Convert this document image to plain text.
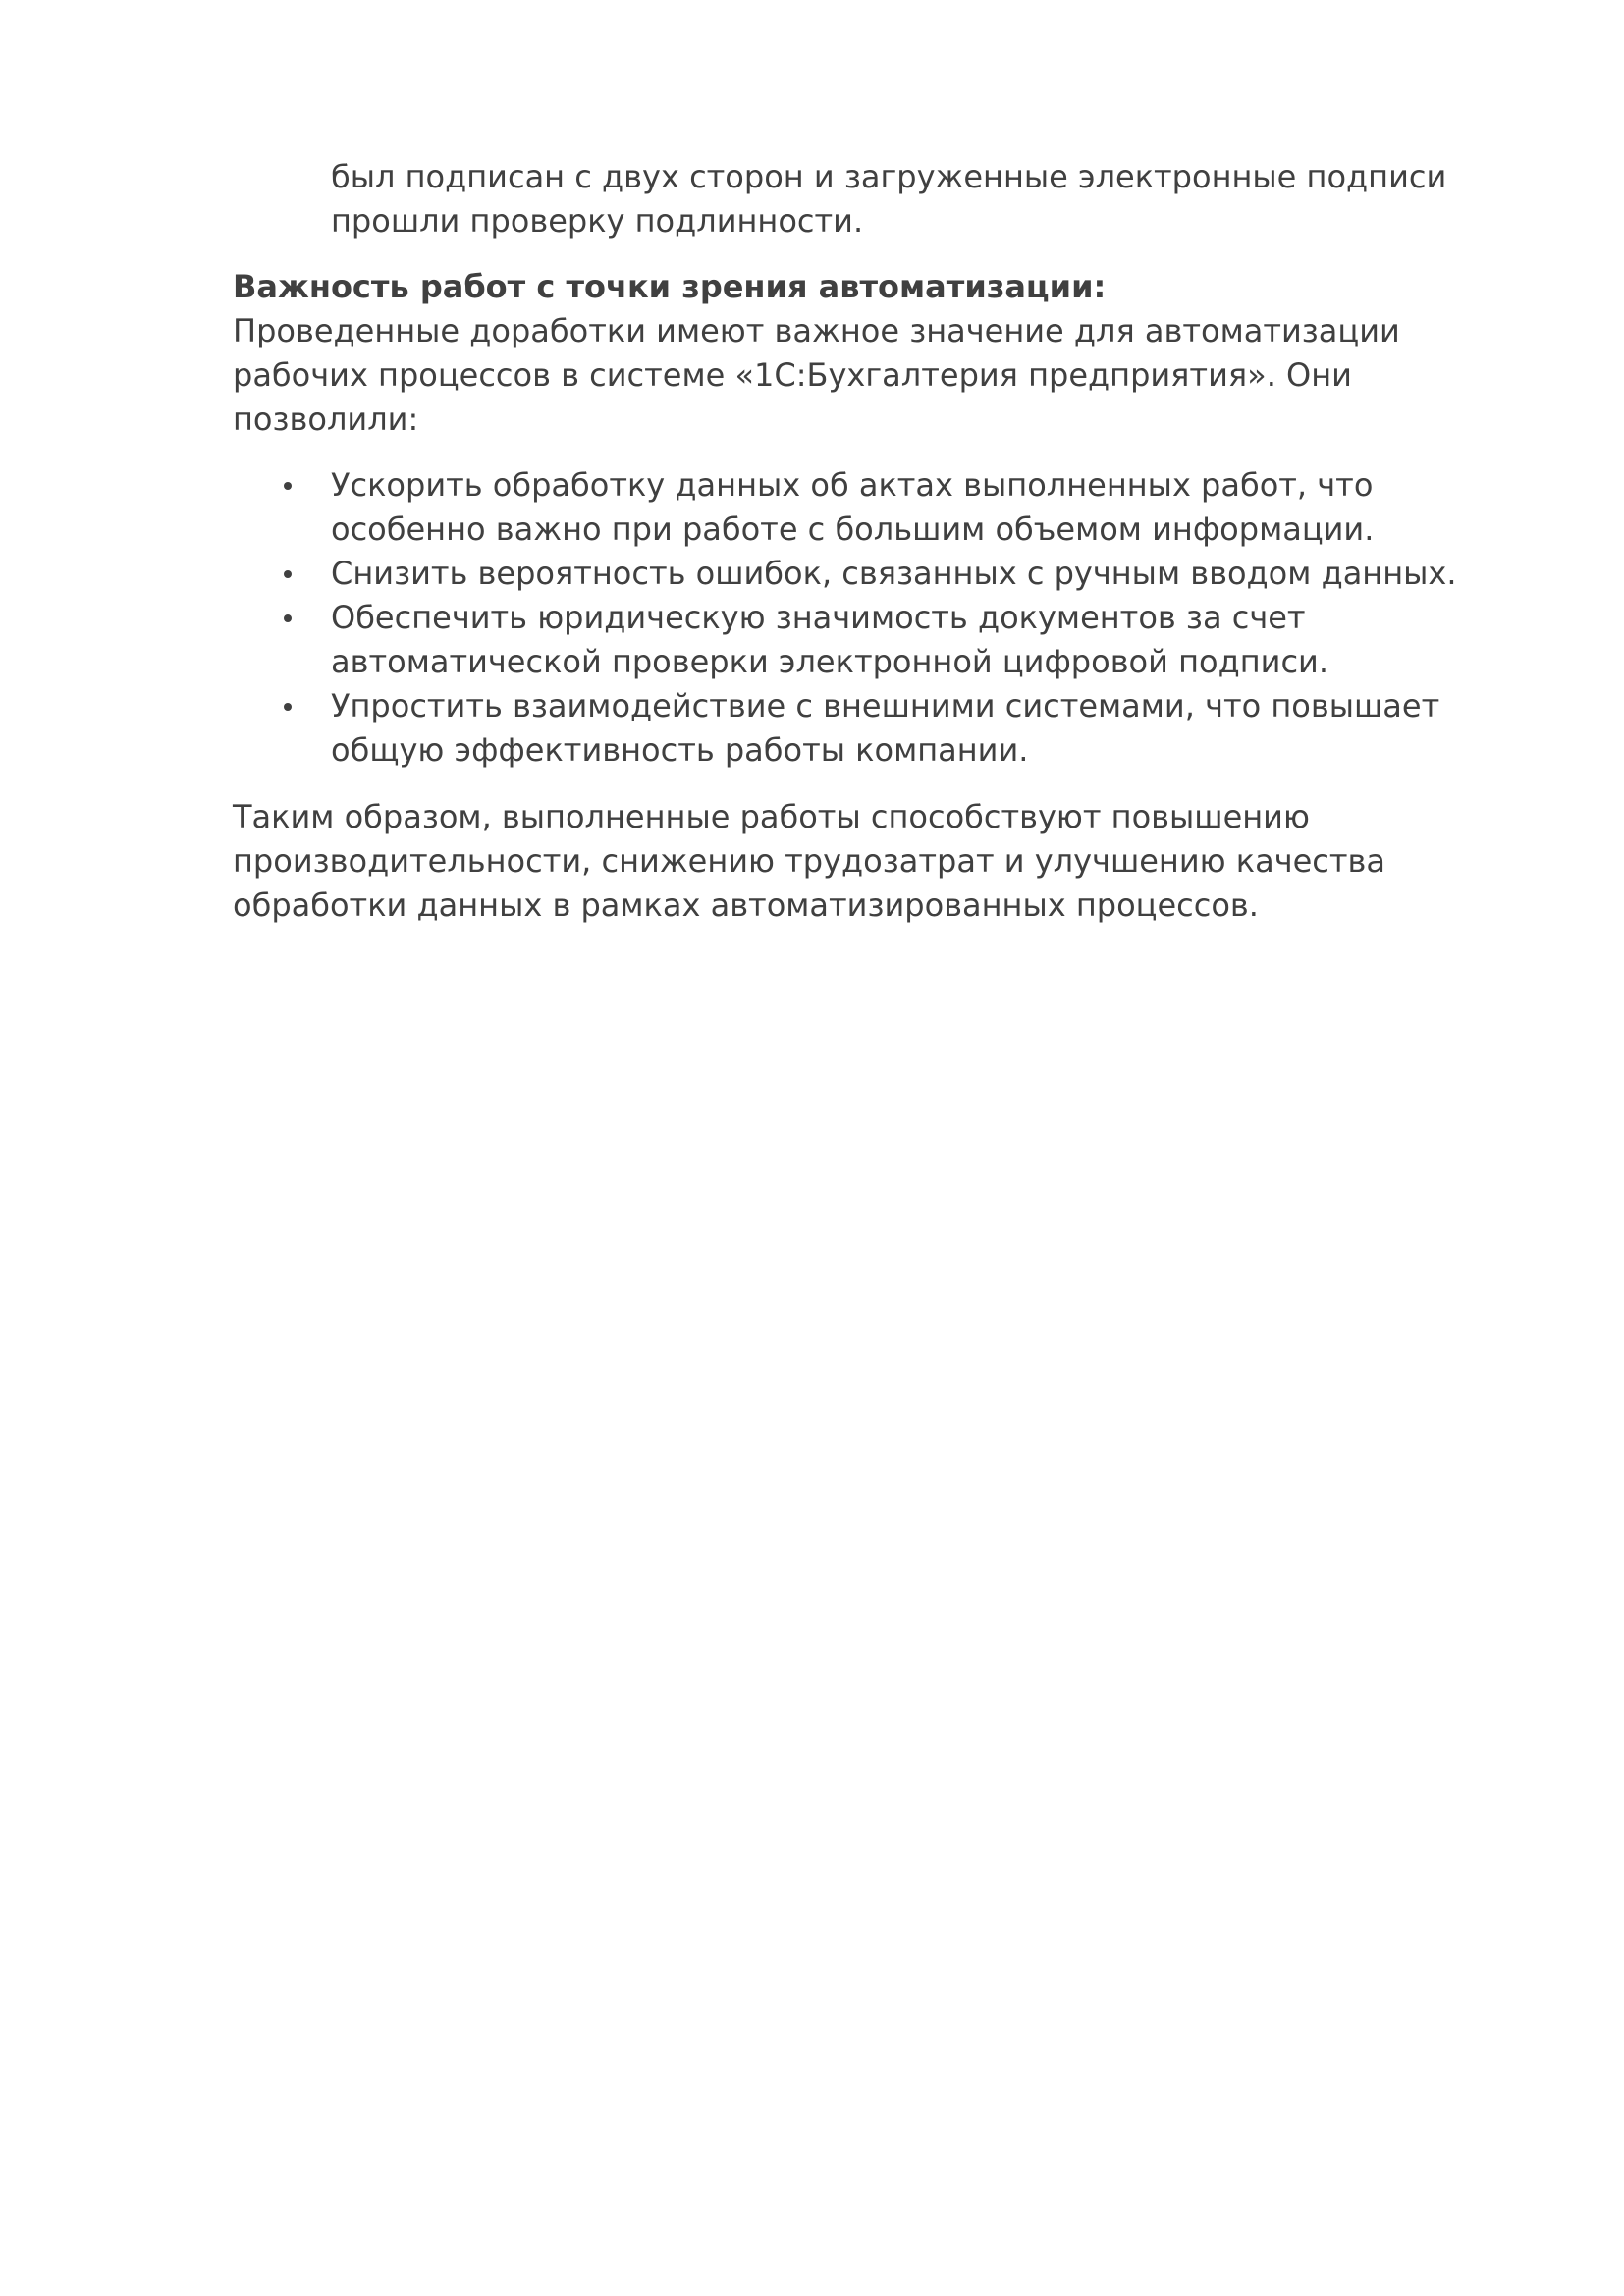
был подписан с двух сторон и загруженные электронные подписи прошли проверку подлинности.

Важность работ с точки зрения автоматизации:

Проведенные доработки имеют важное значение для автоматизации рабочих процессов в системе «1С:Бухгалтерия предприятия». Они позволили:

Ускорить обработку данных об актах выполненных работ, что особенно важно при работе с большим объемом информации.
Снизить вероятность ошибок, связанных с ручным вводом данных.
Обеспечить юридическую значимость документов за счет автоматической проверки электронной цифровой подписи.
Упростить взаимодействие с внешними системами, что повышает общую эффективность работы компании.

Таким образом, выполненные работы способствуют повышению производительности, снижению трудозатрат и улучшению качества обработки данных в рамках автоматизированных процессов.
